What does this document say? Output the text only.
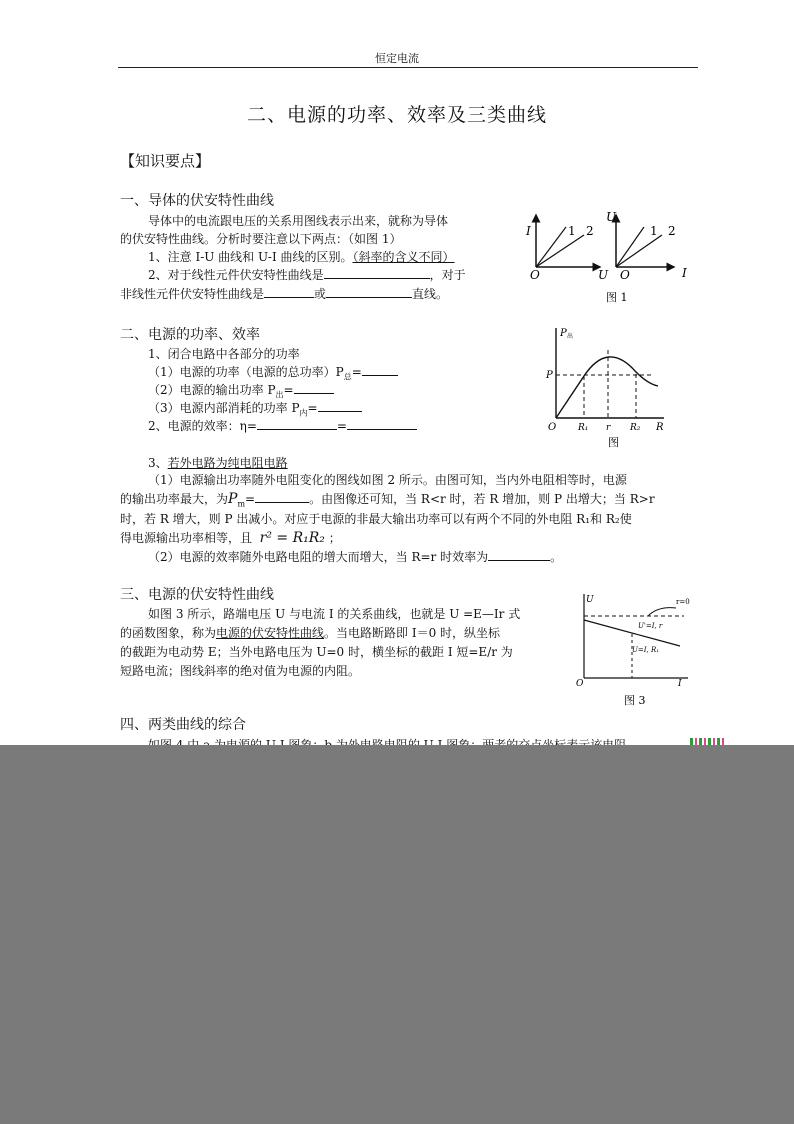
恒定电流
二、电源的功率、效率及三类曲线
【知识要点】
一、导体的伏安特性曲线
导体中的电流跟电压的关系用图线表示出来，就称为导体
的伏安特性曲线。分析时要注意以下两点：（如图 1）
1、注意 I-U 曲线和 U-I 曲线的区别。（斜率的含义不同）
2、对于线性元件伏安特性曲线是	，对于
非线性元件伏安特性曲线是	或	直线。
I
U
O
1 2
U
I
O
1 2
图 1
二、电源的功率、效率
1、闭合电路中各部分的功率
（1）电源的功率（电源的总功率）$P_总=$
（2）电源的输出功率 $P_出=$
（3）电源内部消耗的功率 $P_内=$
2、电源的效率：η=	=
P 出
P
O R₁ r R₂ R
图
3、若外电路为纯电阻电路
（1）电源输出功率随外电阻变化的图线如图 2 所示。由图可知，当内外电阻相等时，电源
的输出功率最大，为$P_m=$	。由图像还可知，当 R<r 时，若 R 增加，则 P 出增大；当 R>r
时，若 R 增大，则 P 出减小。对应于电源的非最大输出功率可以有两个不同的外电阻 R₁和 R₂使
得电源输出功率相等，且 r² = R₁R₂ ；
（2）电源的效率随外电路电阻的增大而增大，当 R=r 时效率为	。
三、电源的伏安特性曲线
如图 3 所示，路端电压 U 与电流 I 的关系曲线，也就是 U =E—Ir 式
的函数图象，称为电源的伏安特性曲线。当电路断路即 I＝0 时，纵坐标
的截距为电动势 E；当外电路电压为 U=0 时，横坐标的截距 I 短=E/r 为
短路电流；图线斜率的绝对值为电源的内阻。
U	r=0
U'=I, r
U=I, R₁
O	I
图 3
四、两类曲线的综合
